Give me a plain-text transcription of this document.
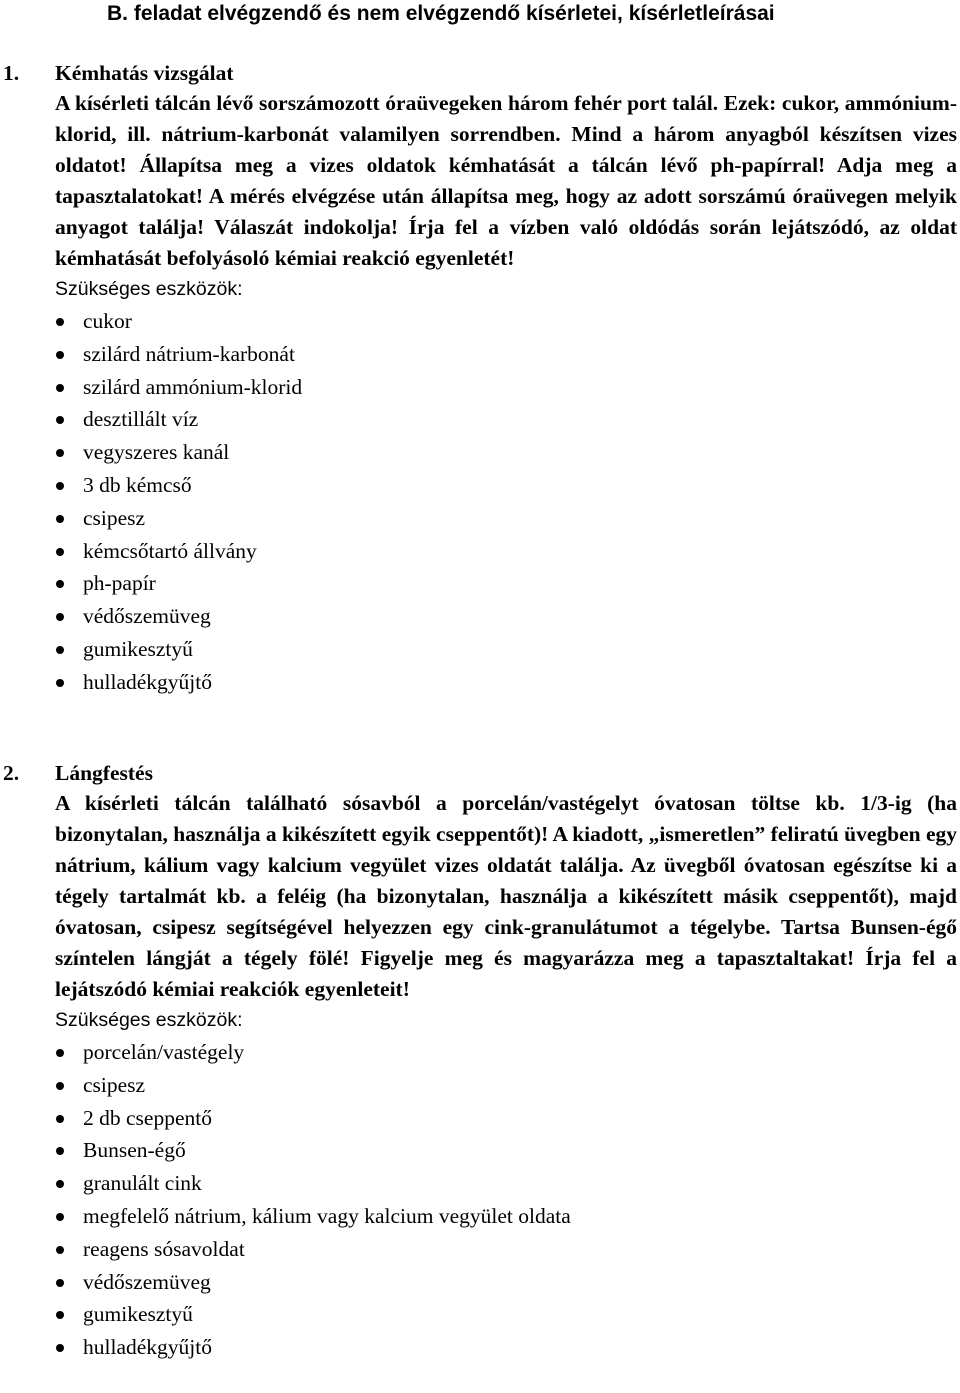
B. feladat elvégzendő és nem elvégzendő kísérletei, kísérletleírásai
1.	Kémhatás vizsgálat
A kísérleti tálcán lévő sorszámozott óraüvegeken három fehér port talál. Ezek: cukor, ammónium-klorid, ill. nátrium-karbonát valamilyen sorrendben. Mind a három anyagból készítsen vizes oldatot! Állapítsa meg a vizes oldatok kémhatását a tálcán lévő ph-papírral! Adja meg a tapasztalatokat! A mérés elvégzése után állapítsa meg, hogy az adott sorszámú óraüvegen melyik anyagot találja! Válaszát indokolja! Írja fel a vízben való oldódás során lejátszódó, az oldat kémhatását befolyásoló kémiai reakció egyenletét!
Szükséges eszközök:
cukor
szilárd nátrium-karbonát
szilárd ammónium-klorid
desztillált víz
vegyszeres kanál
3 db kémcső
csipesz
kémcsőtartó állvány
ph-papír
védőszemüveg
gumikesztyű
hulladékgyűjtő
2.	Lángfestés
A kísérleti tálcán található sósavból a porcelán/vastégelyt óvatosan töltse kb. 1/3-ig (ha bizonytalan, használja a kikészített egyik cseppentőt)! A kiadott, „ismeretlen” feliratú üvegben egy nátrium, kálium vagy kalcium vegyület vizes oldatát találja. Az üvegből óvatosan egészítse ki a tégely tartalmát kb. a feléig (ha bizonytalan, használja a kikészített másik cseppentőt), majd óvatosan, csipesz segítségével helyezzen egy cink-granulátumot a tégelybe. Tartsa Bunsen-égő színtelen lángját a tégely fölé! Figyelje meg és magyarázza meg a tapasztaltakat! Írja fel a lejátszódó kémiai reakciók egyenleteit!
Szükséges eszközök:
porcelán/vastégely
csipesz
2 db cseppentő
Bunsen-égő
granulált cink
megfelelő nátrium, kálium vagy kalcium vegyület oldata
reagens sósavoldat
védőszemüveg
gumikesztyű
hulladékgyűjtő
